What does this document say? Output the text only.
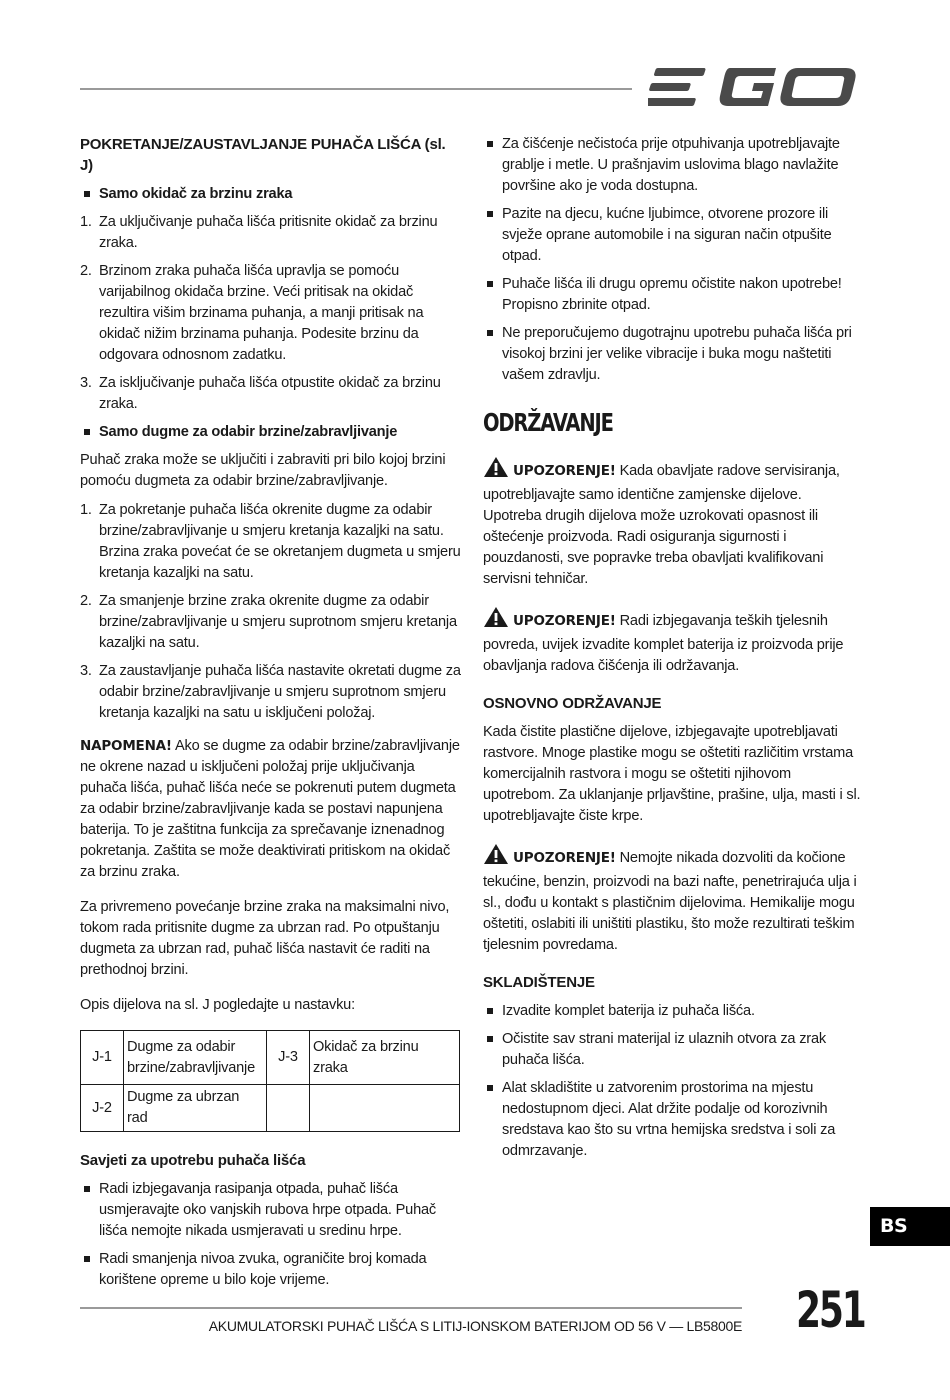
POKRETANJE/ZAUSTAVLJANJE PUHAČA LIŠĆA (sl. J)
Samo okidač za brzinu zraka
1. Za uključivanje puhača lišća pritisnite okidač za brzinu zraka.
2. Brzinom zraka puhača lišća upravlja se pomoću varijabilnog okidača brzine. Veći pritisak na okidač rezultira višim brzinama puhanja, a manji pritisak na okidač nižim brzinama puhanja. Podesite brzinu da odgovara odnosnom zadatku.
3. Za isključivanje puhača lišća otpustite okidač za brzinu zraka.
Samo dugme za odabir brzine/zabravljivanje
Puhač zraka može se uključiti i zabraviti pri bilo kojoj brzini pomoću dugmeta za odabir brzine/zabravljivanje.
1. Za pokretanje puhača lišća okrenite dugme za odabir brzine/zabravljivanje u smjeru kretanja kazaljki na satu. Brzina zraka povećat će se okretanjem dugmeta u smjeru kretanja kazaljki na satu.
2. Za smanjenje brzine zraka okrenite dugme za odabir brzine/zabravljivanje u smjeru suprotnom smjeru kretanja kazaljki na satu.
3. Za zaustavljanje puhača lišća nastavite okretati dugme za odabir brzine/zabravljivanje u smjeru suprotnom smjeru kretanja kazaljki na satu u isključeni položaj.
NAPOMENA! Ako se dugme za odabir brzine/zabravljivanje ne okrene nazad u isključeni položaj prije uključivanja puhača lišća, puhač lišća neće se pokrenuti putem dugmeta za odabir brzine/zabravljivanje kada se postavi napunjena baterija. To je zaštitna funkcija za sprečavanje iznenadnog pokretanja. Zaštita se može deaktivirati pritiskom na okidač za brzinu zraka.
Za privremeno povećanje brzine zraka na maksimalni nivo, tokom rada pritisnite dugme za ubrzan rad. Po otpuštanju dugmeta za ubrzan rad, puhač lišća nastavit će raditi na prethodnoj brzini.
Opis dijelova na sl. J pogledajte u nastavku:
J-1	Dugme za odabir brzine/zabravljivanje	J-3	Okidač za brzinu zraka
J-2	Dugme za ubrzan rad		
Savjeti za upotrebu puhača lišća
Radi izbjegavanja rasipanja otpada, puhač lišća usmjeravajte oko vanjskih rubova hrpe otpada. Puhač lišća nemojte nikada usmjeravati u sredinu hrpe.
Radi smanjenja nivoa zvuka, ograničite broj komada korištene opreme u bilo koje vrijeme.
Za čišćenje nečistoća prije otpuhivanja upotrebljavajte grablje i metle. U prašnjavim uslovima blago navlažite površine ako je voda dostupna.
Pazite na djecu, kućne ljubimce, otvorene prozore ili svježe oprane automobile i na siguran način otpušite otpad.
Puhače lišća ili drugu opremu očistite nakon upotrebe! Propisno zbrinite otpad.
Ne preporučujemo dugotrajnu upotrebu puhača lišća pri visokoj brzini jer velike vibracije i buka mogu naštetiti vašem zdravlju.
ODRŽAVANJE
UPOZORENJE! Kada obavljate radove servisiranja, upotrebljavajte samo identične zamjenske dijelove. Upotreba drugih dijelova može uzrokovati opasnost ili oštećenje proizvoda. Radi osiguranja sigurnosti i pouzdanosti, sve popravke treba obavljati kvalifikovani servisni tehničar.
UPOZORENJE! Radi izbjegavanja teških tjelesnih povreda, uvijek izvadite komplet baterija iz proizvoda prije obavljanja radova čišćenja ili održavanja.
OSNOVNO ODRŽAVANJE
Kada čistite plastične dijelove, izbjegavajte upotrebljavati rastvore. Mnoge plastike mogu se oštetiti različitim vrstama komercijalnih rastvora i mogu se oštetiti njihovom upotrebom. Za uklanjanje prljavštine, prašine, ulja, masti i sl. upotrebljavajte čiste krpe.
UPOZORENJE! Nemojte nikada dozvoliti da kočione tekućine, benzin, proizvodi na bazi nafte, penetrirajuća ulja i sl., dođu u kontakt s plastičnim dijelovima. Hemikalije mogu oštetiti, oslabiti ili uništiti plastiku, što može rezultirati teškim tjelesnim povredama.
SKLADIŠTENJE
Izvadite komplet baterija iz puhača lišća.
Očistite sav strani materijal iz ulaznih otvora za zrak puhača lišća.
Alat skladištite u zatvorenim prostorima na mjestu nedostupnom djeci. Alat držite podalje od korozivnih sredstava kao što su vrtna hemijska sredstva i soli za odmrzavanje.
BS
AKUMULATORSKI PUHAČ LIŠĆA S LITIJ-IONSKOM BATERIJOM OD 56 V — LB5800E 251
